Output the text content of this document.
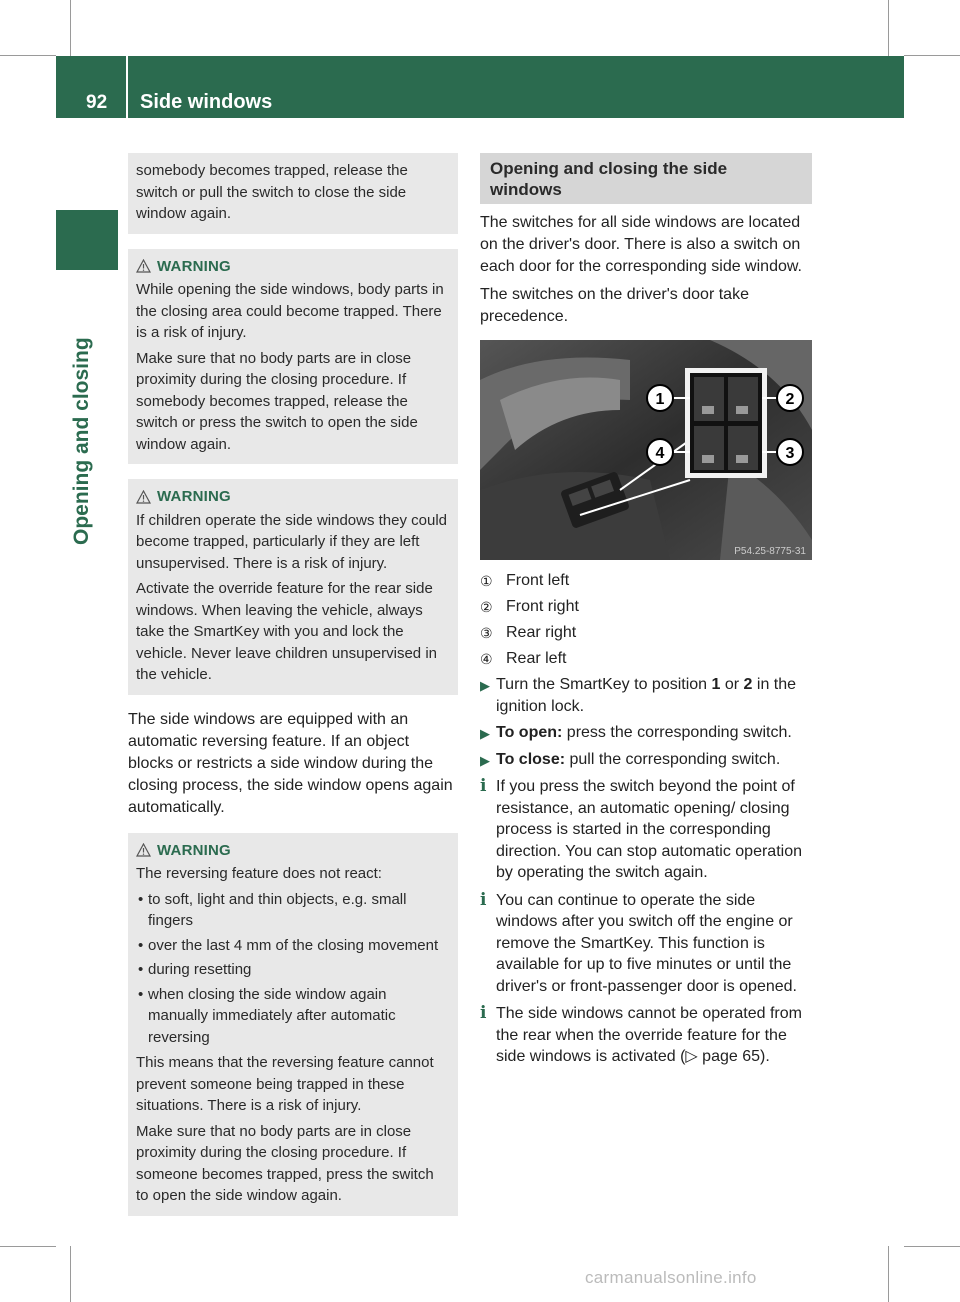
92 Side windows
Opening and closing

somebody becomes trapped, release the switch or pull the switch to close the side window again.

WARNING

While opening the side windows, body parts in the closing area could become trapped. There is a risk of injury.

Make sure that no body parts are in close proximity during the closing procedure. If somebody becomes trapped, release the switch or press the switch to open the side window again.

WARNING

If children operate the side windows they could become trapped, particularly if they are left unsupervised. There is a risk of injury.

Activate the override feature for the rear side windows. When leaving the vehicle, always take the SmartKey with you and lock the vehicle. Never leave children unsupervised in the vehicle.

The side windows are equipped with an automatic reversing feature. If an object blocks or restricts a side window during the closing process, the side window opens again automatically.

WARNING

The reversing feature does not react:

• to soft, light and thin objects, e.g. small fingers
• over the last 4 mm of the closing movement
• during resetting
• when closing the side window again manually immediately after automatic reversing

This means that the reversing feature cannot prevent someone being trapped in these situations. There is a risk of injury.

Make sure that no body parts are in close proximity during the closing procedure. If someone becomes trapped, press the switch to open the side window again.

Opening and closing the side windows

The switches for all side windows are located on the driver's door. There is also a switch on each door for the corresponding side window.

The switches on the driver's door take precedence.

1	2
3
4
P54.25-8775-31
① Front left
② Front right
③ Rear right
④ Rear left
▶ Turn the SmartKey to position 1 or 2 in the ignition lock.
▶ To open: press the corresponding switch.
▶ To close: pull the corresponding switch.
i If you press the switch beyond the point of resistance, an automatic opening/ closing process is started in the corresponding direction. You can stop automatic operation by operating the switch again.
i You can continue to operate the side windows after you switch off the engine or remove the SmartKey. This function is available for up to five minutes or until the driver's or front-passenger door is opened.
i The side windows cannot be operated from the rear when the override feature for the side windows is activated (▷ page 65).
carmanualsonline.info
